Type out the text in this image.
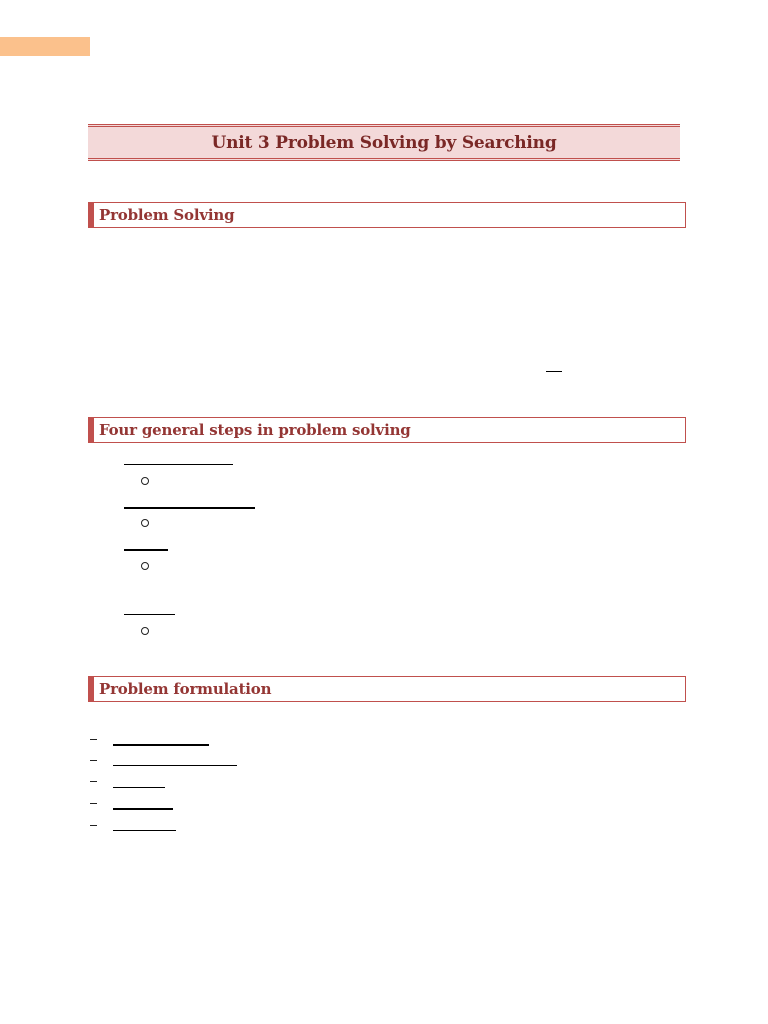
Unit 3 Problem Solving by Searching
Problem Solving
Four general steps in problem solving
Problem formulation
